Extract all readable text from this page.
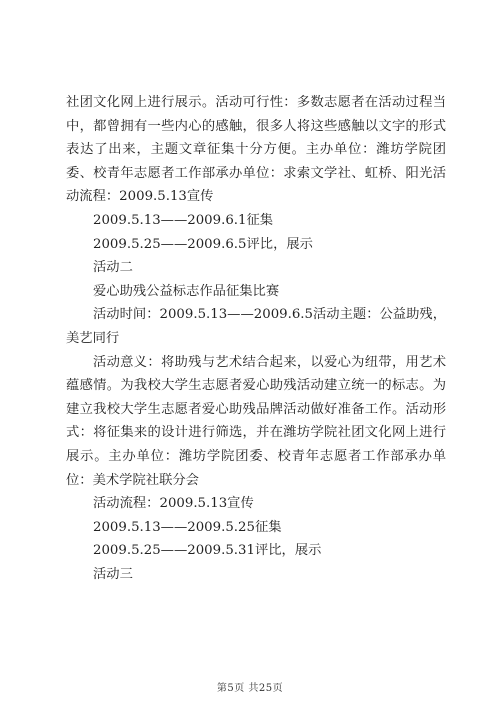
社团文化网上进行展示。活动可行性：多数志愿者在活动过程当中，都曾拥有一些内心的感触，很多人将这些感触以文字的形式表达了出来，主题文章征集十分方便。主办单位：潍坊学院团委、校青年志愿者工作部承办单位：求索文学社、虹桥、阳光活动流程：2009.5.13宣传

2009.5.13——2009.6.1征集

2009.5.25——2009.6.5评比，展示

活动二

爱心助残公益标志作品征集比赛

活动时间：2009.5.13——2009.6.5活动主题：公益助残，美艺同行

活动意义：将助残与艺术结合起来，以爱心为纽带，用艺术蕴感情。为我校大学生志愿者爱心助残活动建立统一的标志。为建立我校大学生志愿者爱心助残品牌活动做好准备工作。活动形式：将征集来的设计进行筛选，并在潍坊学院社团文化网上进行展示。主办单位：潍坊学院团委、校青年志愿者工作部承办单位：美术学院社联分会

活动流程：2009.5.13宣传

2009.5.13——2009.5.25征集

2009.5.25——2009.5.31评比，展示

活动三

第5页 共25页
